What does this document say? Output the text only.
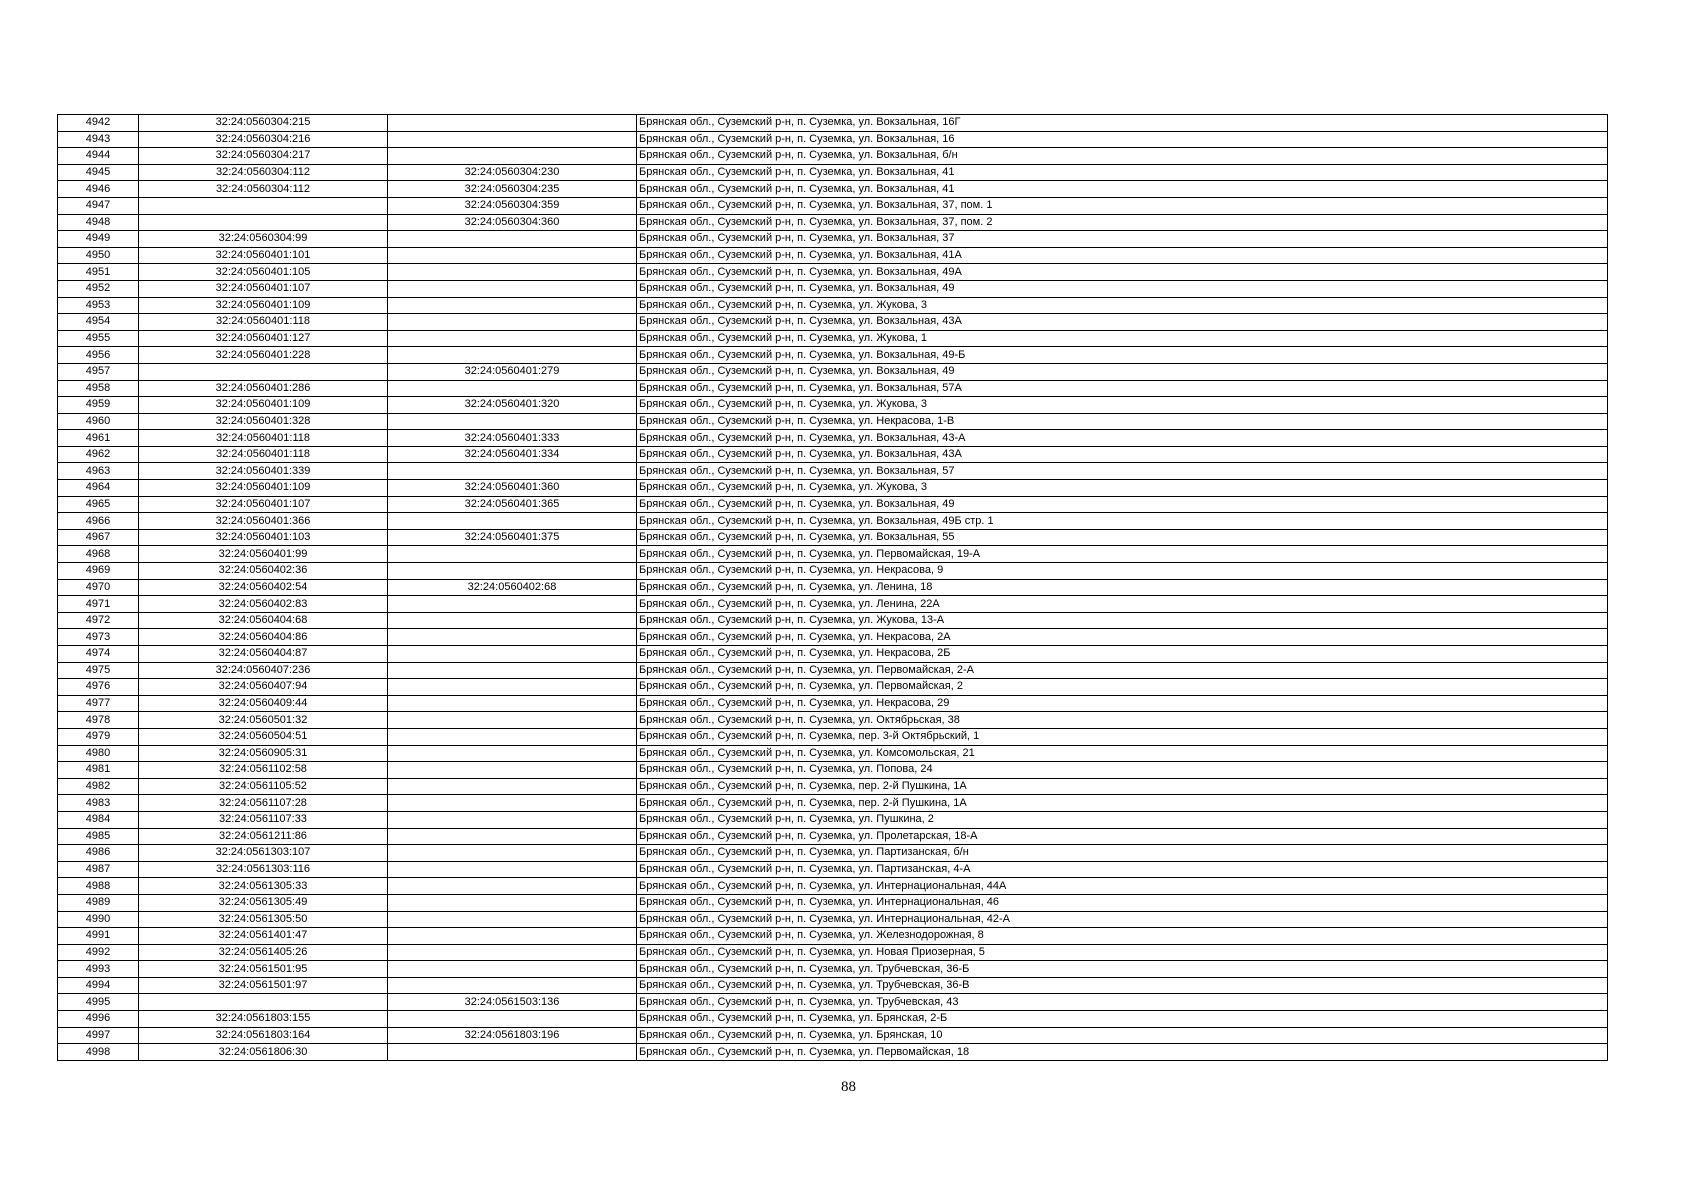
4942	32:24:0560304:215		Брянская обл., Суземский р-н, п. Суземка, ул. Вокзальная, 16Г
4943	32:24:0560304:216		Брянская обл., Суземский р-н, п. Суземка, ул. Вокзальная, 16
4944	32:24:0560304:217		Брянская обл., Суземский р-н, п. Суземка, ул. Вокзальная, б/н
4945	32:24:0560304:112	32:24:0560304:230	Брянская обл., Суземский р-н, п. Суземка, ул. Вокзальная, 41
4946	32:24:0560304:112	32:24:0560304:235	Брянская обл., Суземский р-н, п. Суземка, ул. Вокзальная, 41
4947		32:24:0560304:359	Брянская обл., Суземский р-н, п. Суземка, ул. Вокзальная, 37, пом. 1
4948		32:24:0560304:360	Брянская обл., Суземский р-н, п. Суземка, ул. Вокзальная, 37, пом. 2
4949	32:24:0560304:99		Брянская обл., Суземский р-н, п. Суземка, ул. Вокзальная, 37
4950	32:24:0560401:101		Брянская обл., Суземский р-н, п. Суземка, ул. Вокзальная, 41А
4951	32:24:0560401:105		Брянская обл., Суземский р-н, п. Суземка, ул. Вокзальная, 49А
4952	32:24:0560401:107		Брянская обл., Суземский р-н, п. Суземка, ул. Вокзальная, 49
4953	32:24:0560401:109		Брянская обл., Суземский р-н, п. Суземка, ул. Жукова, 3
4954	32:24:0560401:118		Брянская обл., Суземский р-н, п. Суземка, ул. Вокзальная, 43А
4955	32:24:0560401:127		Брянская обл., Суземский р-н, п. Суземка, ул. Жукова, 1
4956	32:24:0560401:228		Брянская обл., Суземский р-н, п. Суземка, ул. Вокзальная, 49-Б
4957		32:24:0560401:279	Брянская обл., Суземский р-н, п. Суземка, ул. Вокзальная, 49
4958	32:24:0560401:286		Брянская обл., Суземский р-н, п. Суземка, ул. Вокзальная, 57А
4959	32:24:0560401:109	32:24:0560401:320	Брянская обл., Суземский р-н, п. Суземка, ул. Жукова, 3
4960	32:24:0560401:328		Брянская обл., Суземский р-н, п. Суземка, ул. Некрасова, 1-В
4961	32:24:0560401:118	32:24:0560401:333	Брянская обл., Суземский р-н, п. Суземка, ул. Вокзальная, 43-А
4962	32:24:0560401:118	32:24:0560401:334	Брянская обл., Суземский р-н, п. Суземка, ул. Вокзальная, 43А
4963	32:24:0560401:339		Брянская обл., Суземский р-н, п. Суземка, ул. Вокзальная, 57
4964	32:24:0560401:109	32:24:0560401:360	Брянская обл., Суземский р-н, п. Суземка, ул. Жукова, 3
4965	32:24:0560401:107	32:24:0560401:365	Брянская обл., Суземский р-н, п. Суземка, ул. Вокзальная, 49
4966	32:24:0560401:366		Брянская обл., Суземский р-н, п. Суземка, ул. Вокзальная, 49Б стр. 1
4967	32:24:0560401:103	32:24:0560401:375	Брянская обл., Суземский р-н, п. Суземка, ул. Вокзальная, 55
4968	32:24:0560401:99		Брянская обл., Суземский р-н, п. Суземка, ул. Первомайская, 19-А
4969	32:24:0560402:36		Брянская обл., Суземский р-н, п. Суземка, ул. Некрасова, 9
4970	32:24:0560402:54	32:24:0560402:68	Брянская обл., Суземский р-н, п. Суземка, ул. Ленина, 18
4971	32:24:0560402:83		Брянская обл., Суземский р-н, п. Суземка, ул. Ленина, 22А
4972	32:24:0560404:68		Брянская обл., Суземский р-н, п. Суземка, ул. Жукова, 13-А
4973	32:24:0560404:86		Брянская обл., Суземский р-н, п. Суземка, ул. Некрасова, 2А
4974	32:24:0560404:87		Брянская обл., Суземский р-н, п. Суземка, ул. Некрасова, 2Б
4975	32:24:0560407:236		Брянская обл., Суземский р-н, п. Суземка, ул. Первомайская, 2-А
4976	32:24:0560407:94		Брянская обл., Суземский р-н, п. Суземка, ул. Первомайская, 2
4977	32:24:0560409:44		Брянская обл., Суземский р-н, п. Суземка, ул. Некрасова, 29
4978	32:24:0560501:32		Брянская обл., Суземский р-н, п. Суземка, ул. Октябрьская, 38
4979	32:24:0560504:51		Брянская обл., Суземский р-н, п. Суземка, пер. 3-й Октябрьский, 1
4980	32:24:0560905:31		Брянская обл., Суземский р-н, п. Суземка, ул. Комсомольская, 21
4981	32:24:0561102:58		Брянская обл., Суземский р-н, п. Суземка, ул. Попова, 24
4982	32:24:0561105:52		Брянская обл., Суземский р-н, п. Суземка, пер. 2-й Пушкина, 1А
4983	32:24:0561107:28		Брянская обл., Суземский р-н, п. Суземка, пер. 2-й Пушкина, 1А
4984	32:24:0561107:33		Брянская обл., Суземский р-н, п. Суземка, ул. Пушкина, 2
4985	32:24:0561211:86		Брянская обл., Суземский р-н, п. Суземка, ул. Пролетарская, 18-А
4986	32:24:0561303:107		Брянская обл., Суземский р-н, п. Суземка, ул. Партизанская, б/н
4987	32:24:0561303:116		Брянская обл., Суземский р-н, п. Суземка, ул. Партизанская, 4-А
4988	32:24:0561305:33		Брянская обл., Суземский р-н, п. Суземка, ул. Интернациональная, 44А
4989	32:24:0561305:49		Брянская обл., Суземский р-н, п. Суземка, ул. Интернациональная, 46
4990	32:24:0561305:50		Брянская обл., Суземский р-н, п. Суземка, ул. Интернациональная, 42-А
4991	32:24:0561401:47		Брянская обл., Суземский р-н, п. Суземка, ул. Железнодорожная, 8
4992	32:24:0561405:26		Брянская обл., Суземский р-н, п. Суземка, ул. Новая Приозерная, 5
4993	32:24:0561501:95		Брянская обл., Суземский р-н, п. Суземка, ул. Трубчевская, 36-Б
4994	32:24:0561501:97		Брянская обл., Суземский р-н, п. Суземка, ул. Трубчевская, 36-В
4995		32:24:0561503:136	Брянская обл., Суземский р-н, п. Суземка, ул. Трубчевская, 43
4996	32:24:0561803:155		Брянская обл., Суземский р-н, п. Суземка, ул. Брянская, 2-Б
4997	32:24:0561803:164	32:24:0561803:196	Брянская обл., Суземский р-н, п. Суземка, ул. Брянская, 10
4998	32:24:0561806:30		Брянская обл., Суземский р-н, п. Суземка, ул. Первомайская, 18
88
